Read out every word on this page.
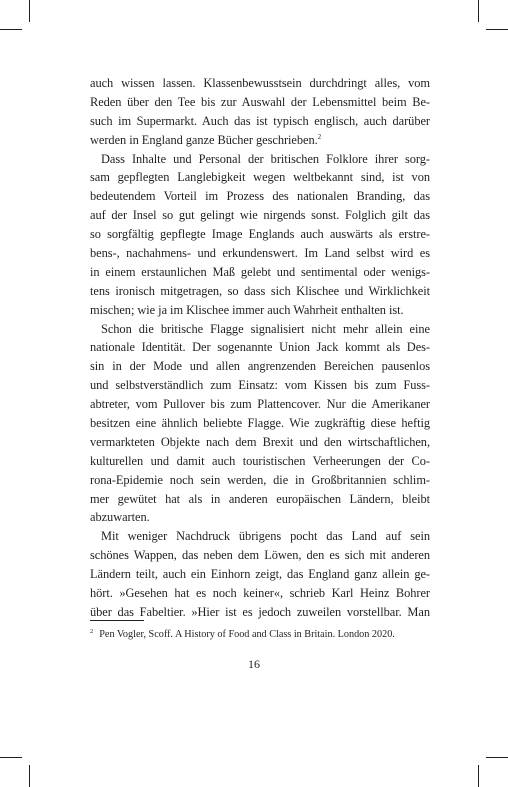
auch wissen lassen. Klassenbewusstsein durchdringt alles, vom
Reden über den Tee bis zur Auswahl der Lebensmittel beim Be-
such im Supermarkt. Auch das ist typisch englisch, auch darüber
werden in England ganze Bücher geschrieben.$^2$
Dass Inhalte und Personal der britischen Folklore ihrer sorg-
sam gepflegten Langlebigkeit wegen weltbekannt sind, ist von
bedeutendem Vorteil im Prozess des nationalen Branding, das
auf der Insel so gut gelingt wie nirgends sonst. Folglich gilt das
so sorgfältig gepflegte Image Englands auch auswärts als erstre-
bens-, nachahmens- und erkundenswert. Im Land selbst wird es
in einem erstaunlichen Maß gelebt und sentimental oder wenigs-
tens ironisch mitgetragen, so dass sich Klischee und Wirklichkeit
mischen; wie ja im Klischee immer auch Wahrheit enthalten ist.
Schon die britische Flagge signalisiert nicht mehr allein eine
nationale Identität. Der sogenannte Union Jack kommt als Des-
sin in der Mode und allen angrenzenden Bereichen pausenlos
und selbstverständlich zum Einsatz: vom Kissen bis zum Fuss-
abtreter, vom Pullover bis zum Plattencover. Nur die Amerikaner
besitzen eine ähnlich beliebte Flagge. Wie zugkräftig diese heftig
vermarkteten Objekte nach dem Brexit und den wirtschaftlichen,
kulturellen und damit auch touristischen Verheerungen der Co-
rona-Epidemie noch sein werden, die in Großbritannien schlim-
mer gewütet hat als in anderen europäischen Ländern, bleibt
abzuwarten.
Mit weniger Nachdruck übrigens pocht das Land auf sein
schönes Wappen, das neben dem Löwen, den es sich mit anderen
Ländern teilt, auch ein Einhorn zeigt, das England ganz allein ge-
hört. »Gesehen hat es noch keiner«, schrieb Karl Heinz Bohrer
über das Fabeltier. »Hier ist es jedoch zuweilen vorstellbar. Man
$^2$ Pen Vogler, Scoff. A History of Food and Class in Britain. London 2020.
16
